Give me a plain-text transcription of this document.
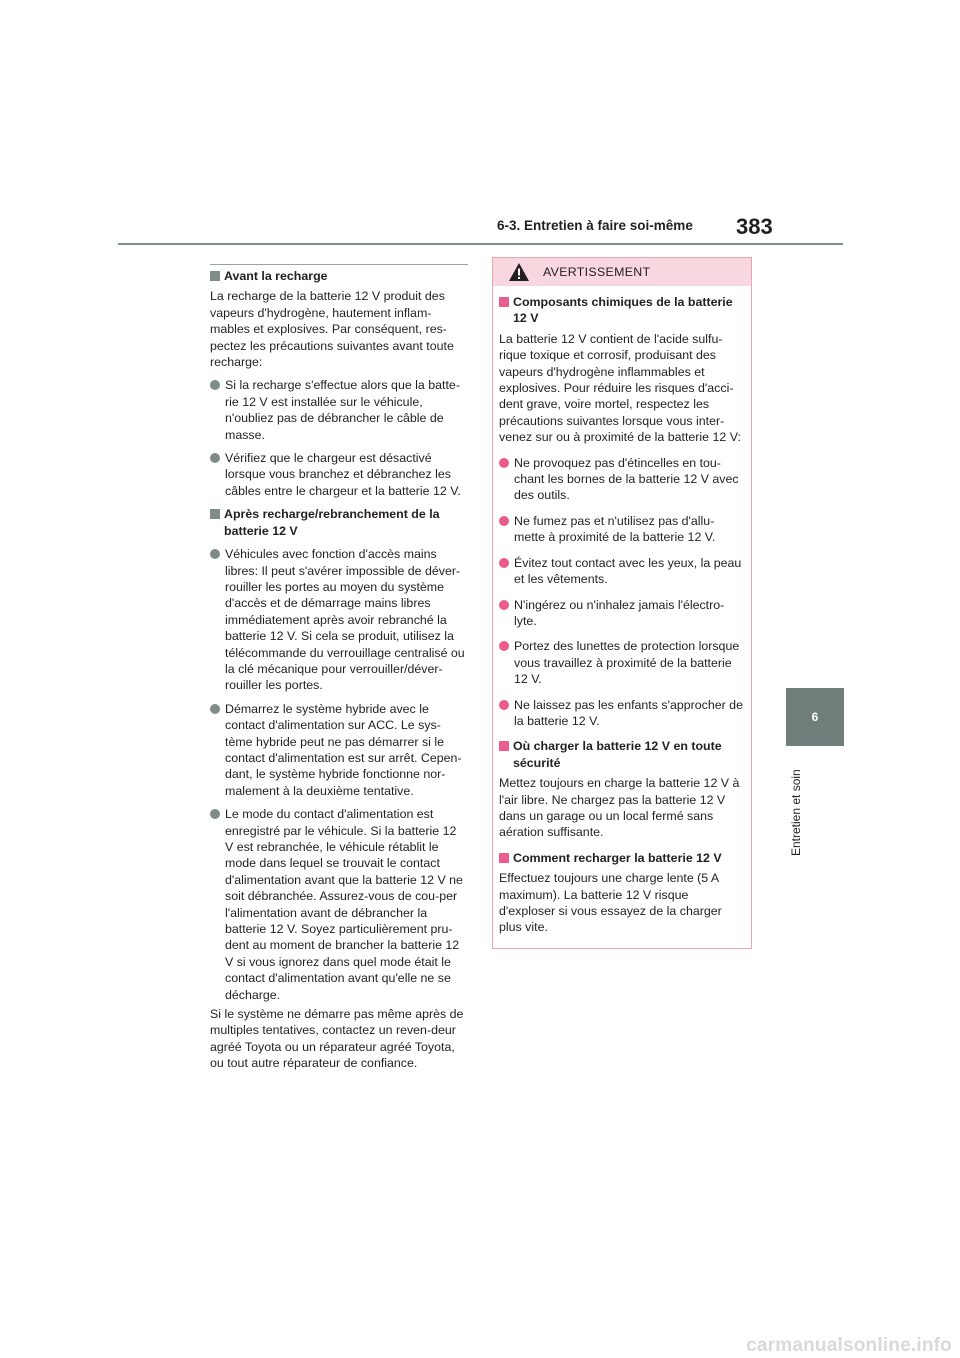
6-3. Entretien à faire soi-même 383
6
Entretien et soin
Avant la recharge
La recharge de la batterie 12 V produit des vapeurs d'hydrogène, hautement inflam-mables et explosives. Par conséquent, res-pectez les précautions suivantes avant toute recharge:
Si la recharge s'effectue alors que la batte-rie 12 V est installée sur le véhicule, n'oubliez pas de débrancher le câble de masse.
Vérifiez que le chargeur est désactivé lorsque vous branchez et débranchez les câbles entre le chargeur et la batterie 12 V.
Après recharge/rebranchement de la batterie 12 V
Véhicules avec fonction d'accès mains libres: Il peut s'avérer impossible de déver-rouiller les portes au moyen du système d'accès et de démarrage mains libres immédiatement après avoir rebranché la batterie 12 V. Si cela se produit, utilisez la télécommande du verrouillage centralisé ou la clé mécanique pour verrouiller/déver-rouiller les portes.
Démarrez le système hybride avec le contact d'alimentation sur ACC. Le sys-tème hybride peut ne pas démarrer si le contact d'alimentation est sur arrêt. Cepen-dant, le système hybride fonctionne nor-malement à la deuxième tentative.
Le mode du contact d'alimentation est enregistré par le véhicule. Si la batterie 12 V est rebranchée, le véhicule rétablit le mode dans lequel se trouvait le contact d'alimentation avant que la batterie 12 V ne soit débranchée. Assurez-vous de cou-per l'alimentation avant de débrancher la batterie 12 V. Soyez particulièrement pru-dent au moment de brancher la batterie 12 V si vous ignorez dans quel mode était le contact d'alimentation avant qu'elle ne se décharge.
Si le système ne démarre pas même après de multiples tentatives, contactez un reven-deur agréé Toyota ou un réparateur agréé Toyota, ou tout autre réparateur de confiance.
AVERTISSEMENT
Composants chimiques de la batterie 12 V
La batterie 12 V contient de l'acide sulfu-rique toxique et corrosif, produisant des vapeurs d'hydrogène inflammables et explosives. Pour réduire les risques d'acci-dent grave, voire mortel, respectez les précautions suivantes lorsque vous inter-venez sur ou à proximité de la batterie 12 V:
Ne provoquez pas d'étincelles en tou-chant les bornes de la batterie 12 V avec des outils.
Ne fumez pas et n'utilisez pas d'allu-mette à proximité de la batterie 12 V.
Évitez tout contact avec les yeux, la peau et les vêtements.
N'ingérez ou n'inhalez jamais l'électro-lyte.
Portez des lunettes de protection lorsque vous travaillez à proximité de la batterie 12 V.
Ne laissez pas les enfants s'approcher de la batterie 12 V.
Où charger la batterie 12 V en toute sécurité
Mettez toujours en charge la batterie 12 V à l'air libre. Ne chargez pas la batterie 12 V dans un garage ou un local fermé sans aération suffisante.
Comment recharger la batterie 12 V
Effectuez toujours une charge lente (5 A maximum). La batterie 12 V risque d'exploser si vous essayez de la charger plus vite.
carmanualsonline.info
